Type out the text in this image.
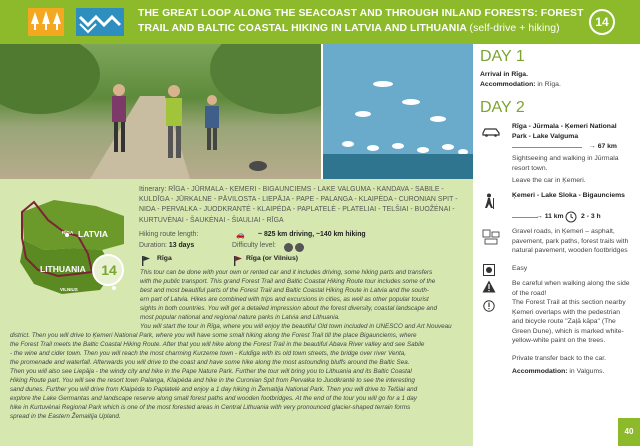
THE GREAT LOOP ALONG THE SEACOAST AND THROUGH INLAND FORESTS: FOREST TRAIL AND BALTIC COASTAL HIKING IN LATVIA AND LITHUANIA (self-drive + hiking)	14
LATVIA
RĪGA
LITHUANIA
VILNIUS
14
Itinerary: RĪGA - JŪRMALA - ĶEMERI - BIGAUNCIEMS - LAKE VALGUMA - KANDAVA - SABILE - KULDĪGA - JŪRKALNE - PĀVILOSTA - LIEPĀJA - PAPE - PALANGA - KLAIPĖDA - CURONIAN SPIT - NIDA - PERVALKA - JUODKRANTĖ - KLAIPĖDA - PAPLATELĖ - PLATELIAI - TELŠIAI - BUOŽĖNAI - KURTUVĖNAI - ŠAUKĖNAI - ŠIAULIAI - RĪGA
Hiking route length:	🚗 ~ 825 km driving, ~140 km hiking
Duration: 13 days	Difficulty level:
Rīga	Rīga (or Vilnius)
This tour can be done with your own or rented car and it includes driving, some hiking parts and transfers
with the public transport. This grand Forest Trail and Baltic Coastal Hiking Route tour includes some of the
best and most beautiful parts of the Forest Trail and Baltic Coastal Hiking Route in Latvia and the south-
ern part of Latvia. Hikes are combined with trips and excursions in cities, as well as other popular tourist
sights in both countries. You will get a detailed impression about the forest diversity, coastal landscape and
most popular national and regional nature parks in Latvia and Lithuania.
You will start the tour in Rīga, where you will enjoy the beautiful Old town included in UNESCO and Art Nouveau
district. Then you will drive to Ķemeri National Park, where you will have some small hiking along the Forest Trail till the place Bigaunciems, where
the Forest Trail meets the Baltic Coastal Hiking Route. After that you will hike along the Forest Trail in the beautiful Abava River valley and see Sabile
- the wine and cider town. Then you will reach the most charming Kurzeme town - Kuldīga with its old town streets, the bridge over river Venta,
the promenade and waterfall. Afterwards you will drive to the coast and have some hike along the most astounding bluffs around the Baltic Sea.
Then you will also see Liepāja - the windy city and hike in the Pape Nature Park. Further the tour will bring you to Lithuania and its Baltic Coastal
Hiking Route part. You will see the resort town Palanga, Klaipėda and hike in the Curonian Spit from Pervalka to Juodkrantė to see the interesting
sand dunes. Further you will drive from Klaipėda to Paplatelė and enjoy a 1 day hiking in Žemaitija National Park. Then you will drive to Telšiai and
explore the Lake Germantas and landscape reserve along small forest paths and wooden footbridges. At the end of the tour you will go for a 1 day
hike in Kurtuvėnai Regional Park which is one of the most forested areas in Central Lithuania with very pronounced glacier-shaped terrain forms
spread in the Eastern Žemaitija Upland.
DAY 1
Arrival in Rīga.
Accommodation: in Rīga.
DAY 2
Rīga - Jūrmala - Ķemeri National Park - Lake Valguma
→ 67 km
Sightseeing and walking in Jūrmala resort town.
Leave the car in Ķemeri.
Ķemeri - Lake Sloka - Bigaunciems
→ 11 km	2 - 3 h
Gravel roads, in Ķemeri – asphalt, pavement, park paths, forest trails with natural pavement, wooden footbridges
Easy
Be careful when walking along the side of the road!
The Forest Trail at this section nearby Ķemeri overlaps with the pedestrian and bicycle route "Zaļā kāpa" (The Green Dune), which is marked white-yellow-white paint on the trees.
Private transfer back to the car.
Accommodation: in Valgums.
40
